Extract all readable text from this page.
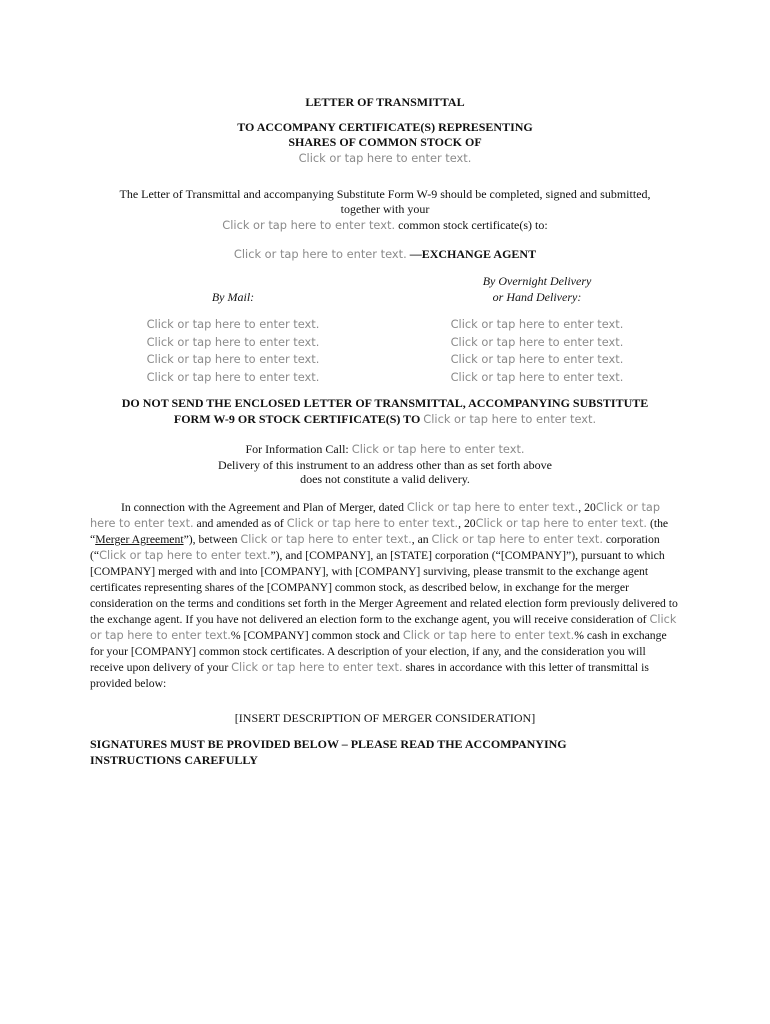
LETTER OF TRANSMITTAL
TO ACCOMPANY CERTIFICATE(S) REPRESENTING
SHARES OF COMMON STOCK OF
Click or tap here to enter text.
The Letter of Transmittal and accompanying Substitute Form W-9 should be completed, signed and submitted,
together with your
Click or tap here to enter text. common stock certificate(s) to:
Click or tap here to enter text. —EXCHANGE AGENT
By Mail:
By Overnight Delivery
or Hand Delivery:
Click or tap here to enter text.
Click or tap here to enter text.
Click or tap here to enter text.
Click or tap here to enter text.
Click or tap here to enter text.
Click or tap here to enter text.
Click or tap here to enter text.
Click or tap here to enter text.
DO NOT SEND THE ENCLOSED LETTER OF TRANSMITTAL, ACCOMPANYING SUBSTITUTE
FORM W-9 OR STOCK CERTIFICATE(S) TO Click or tap here to enter text.
For Information Call: Click or tap here to enter text.
Delivery of this instrument to an address other than as set forth above
does not constitute a valid delivery.
In connection with the Agreement and Plan of Merger, dated Click or tap here to enter text., 20Click or tap here to enter text. and amended as of Click or tap here to enter text., 20Click or tap here to enter text. (the “Merger Agreement”), between Click or tap here to enter text., an Click or tap here to enter text. corporation (“Click or tap here to enter text.”), and [COMPANY], an [STATE] corporation (“[COMPANY]”), pursuant to which [COMPANY] merged with and into [COMPANY], with [COMPANY] surviving, please transmit to the exchange agent certificates representing shares of the [COMPANY] common stock, as described below, in exchange for the merger consideration on the terms and conditions set forth in the Merger Agreement and related election form previously delivered to the exchange agent. If you have not delivered an election form to the exchange agent, you will receive consideration of Click or tap here to enter text.% [COMPANY] common stock and Click or tap here to enter text.% cash in exchange for your [COMPANY] common stock certificates. A description of your election, if any, and the consideration you will receive upon delivery of your Click or tap here to enter text. shares in accordance with this letter of transmittal is provided below:
[INSERT DESCRIPTION OF MERGER CONSIDERATION]
SIGNATURES MUST BE PROVIDED BELOW – PLEASE READ THE ACCOMPANYING
INSTRUCTIONS CAREFULLY
